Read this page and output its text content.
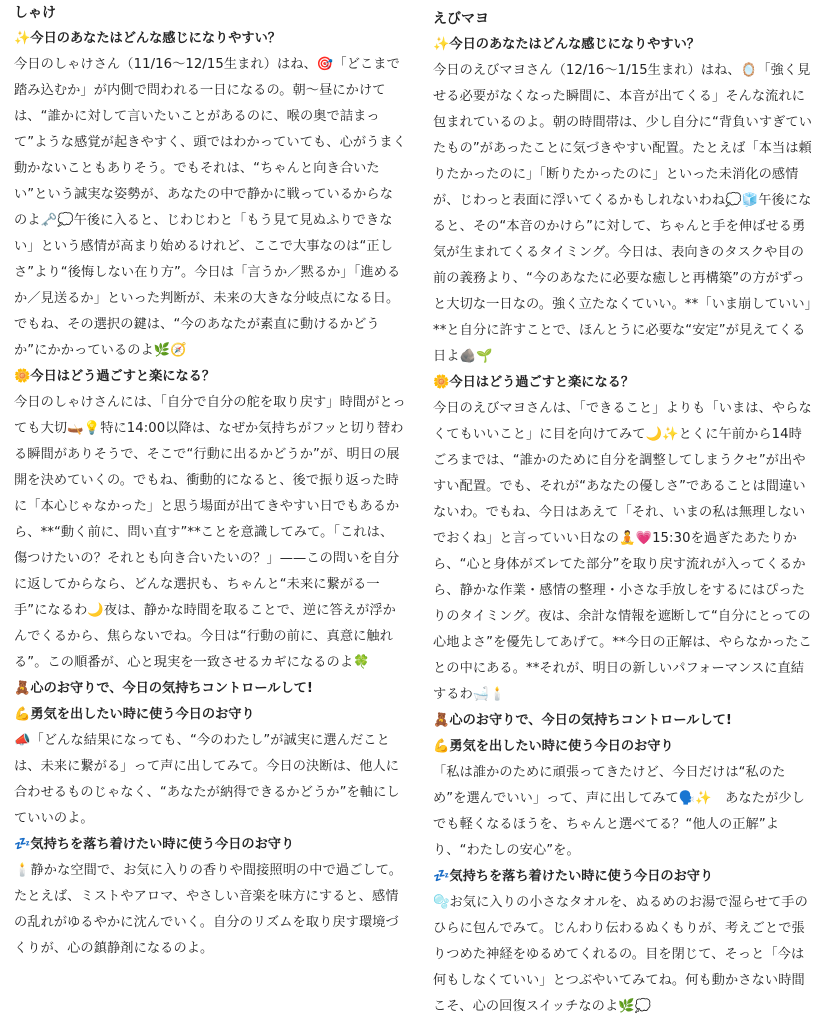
しゃけ
✨今日のあなたはどんな感じになりやすい？

今日のしゃけさん（11/16〜12/15生まれ）はね、🎯「どこまで踏み込むか」が内側で問われる一日になるの。朝〜昼にかけては、“誰かに対して言いたいことがあるのに、喉の奥で詰まって”ような感覚が起きやすく、頭ではわかっていても、心がうまく動かないこともありそう。でもそれは、“ちゃんと向き合いたい”という誠実な姿勢が、あなたの中で静かに戦っているからなのよ🗝️💭午後に入ると、じわじわと「もう見て見ぬふりできない」という感情が高まり始めるけれど、ここで大事なのは“正しさ”より“後悔しない在り方”。今日は「言うか／黙るか」「進めるか／見送るか」といった判断が、未来の大きな分岐点になる日。でもね、その選択の鍵は、“今のあなたが素直に動けるかどうか”にかかっているのよ🌿🧭

🌼今日はどう過ごすと楽になる？

今日のしゃけさんには、「自分で自分の舵を取り戻す」時間がとっても大切🛶💡特に14:00以降は、なぜか気持ちがフッと切り替わる瞬間がありそうで、そこで“行動に出るかどうか”が、明日の展開を決めていくの。でもね、衝動的になると、後で振り返った時に「本心じゃなかった」と思う場面が出てきやすい日でもあるから、**“動く前に、問い直す”**ことを意識してみて。「これは、傷つけたいの？それとも向き合いたいの？」——この問いを自分に返してからなら、どんな選択も、ちゃんと“未来に繋がる一手”になるわ🌙夜は、静かな時間を取ることで、逆に答えが浮かんでくるから、焦らないでね。今日は“行動の前に、真意に触れる”。この順番が、心と現実を一致させるカギになるのよ🍀

🧸心のお守りで、今日の気持ちコントロールして!
💪勇気を出したい時に使う今日のお守り

📣「どんな結果になっても、“今のわたし”が誠実に選んだことは、未来に繋がる」って声に出してみて。今日の決断は、他人に合わせるものじゃなく、“あなたが納得できるかどうか”を軸にしていいのよ。

💤気持ちを落ち着けたい時に使う今日のお守り

🕯️静かな空間で、お気に入りの香りや間接照明の中で過ごして。たとえば、ミストやアロマ、やさしい音楽を味方にすると、感情の乱れがゆるやかに沈んでいく。自分のリズムを取り戻す環境づくりが、心の鎮静剤になるのよ。

えびマヨ
✨今日のあなたはどんな感じになりやすい？

今日のえびマヨさん（12/16〜1/15生まれ）はね、🪞「強く見せる必要がなくなった瞬間に、本音が出てくる」そんな流れに包まれているのよ。朝の時間帯は、少し自分に“背負いすぎていたもの”があったことに気づきやすい配置。たとえば「本当は頼りたかったのに」「断りたかったのに」といった未消化の感情が、じわっと表面に浮いてくるかもしれないわね💭🧊午後になると、その“本音のかけら”に対して、ちゃんと手を伸ばせる勇気が生まれてくるタイミング。今日は、表向きのタスクや目の前の義務より、“今のあなたに必要な癒しと再構築”の方がずっと大切な一日なの。強く立たなくていい。**「いま崩していい」**と自分に許すことで、ほんとうに必要な“安定”が見えてくる日よ🪨🌱

🌼今日はどう過ごすと楽になる？

今日のえびマヨさんは、「できること」よりも「いまは、やらなくてもいいこと」に目を向けてみて🌙✨とくに午前から14時ごろまでは、“誰かのために自分を調整してしまうクセ”が出やすい配置。でも、それが“あなたの優しさ”であることは間違いないわ。でもね、今日はあえて「それ、いまの私は無理しないでおくね」と言っていい日なの🧘💗15:30を過ぎたあたりから、“心と身体がズレてた部分”を取り戻す流れが入ってくるから、静かな作業・感情の整理・小さな手放しをするにはぴったりのタイミング。夜は、余計な情報を遮断して“自分にとっての心地よさ”を優先してあげて。**今日の正解は、やらなかったことの中にある。**それが、明日の新しいパフォーマンスに直結するわ🛁🕯️

🧸心のお守りで、今日の気持ちコントロールして!
💪勇気を出したい時に使う今日のお守り

「私は誰かのために頑張ってきたけど、今日だけは“私のため”を選んでいい」って、声に出してみて🗣️✨　あなたが少しでも軽くなるほうを、ちゃんと選べてる？“他人の正解”より、“わたしの安心”を。

💤気持ちを落ち着けたい時に使う今日のお守り

🫧お気に入りの小さなタオルを、ぬるめのお湯で湿らせて手のひらに包んでみて。じんわり伝わるぬくもりが、考えごとで張りつめた神経をゆるめてくれるの。目を閉じて、そっと「今は何もしなくていい」とつぶやいてみてね。何も動かさない時間こそ、心の回復スイッチなのよ🌿💭
